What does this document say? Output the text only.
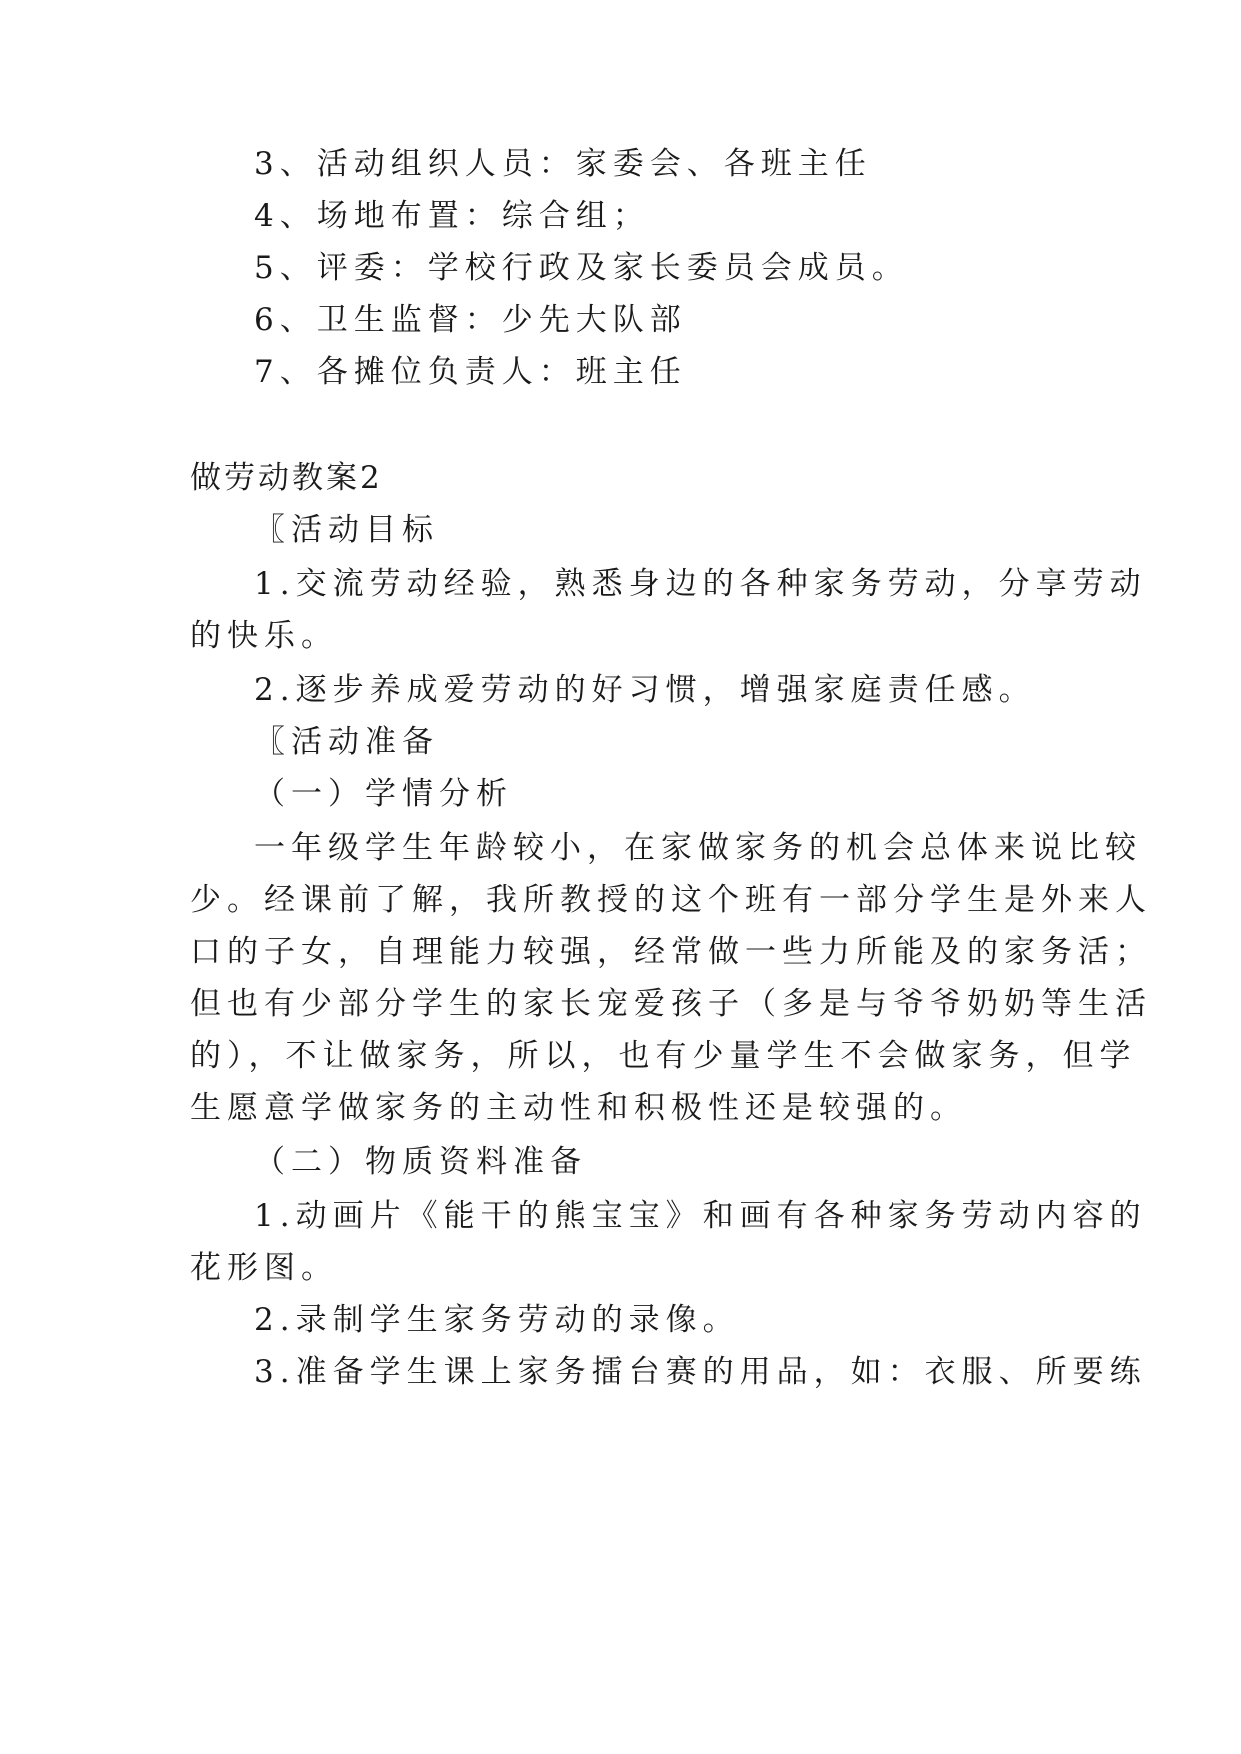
3、活动组织人员：家委会、各班主任
4、场地布置：综合组；
5、评委：学校行政及家长委员会成员。
6、卫生监督：少先大队部
7、各摊位负责人：班主任
做劳动教案2
〖活动目标
1.交流劳动经验，熟悉身边的各种家务劳动，分享劳动
的快乐。
2.逐步养成爱劳动的好习惯，增强家庭责任感。
〖活动准备
（一）学情分析
一年级学生年龄较小，在家做家务的机会总体来说比较
少。经课前了解，我所教授的这个班有一部分学生是外来人
口的子女，自理能力较强，经常做一些力所能及的家务活；
但也有少部分学生的家长宠爱孩子（多是与爷爷奶奶等生活
的），不让做家务，所以，也有少量学生不会做家务，但学
生愿意学做家务的主动性和积极性还是较强的。
（二）物质资料准备
1.动画片《能干的熊宝宝》和画有各种家务劳动内容的
花形图。
2.录制学生家务劳动的录像。
3.准备学生课上家务擂台赛的用品，如：衣服、所要练
